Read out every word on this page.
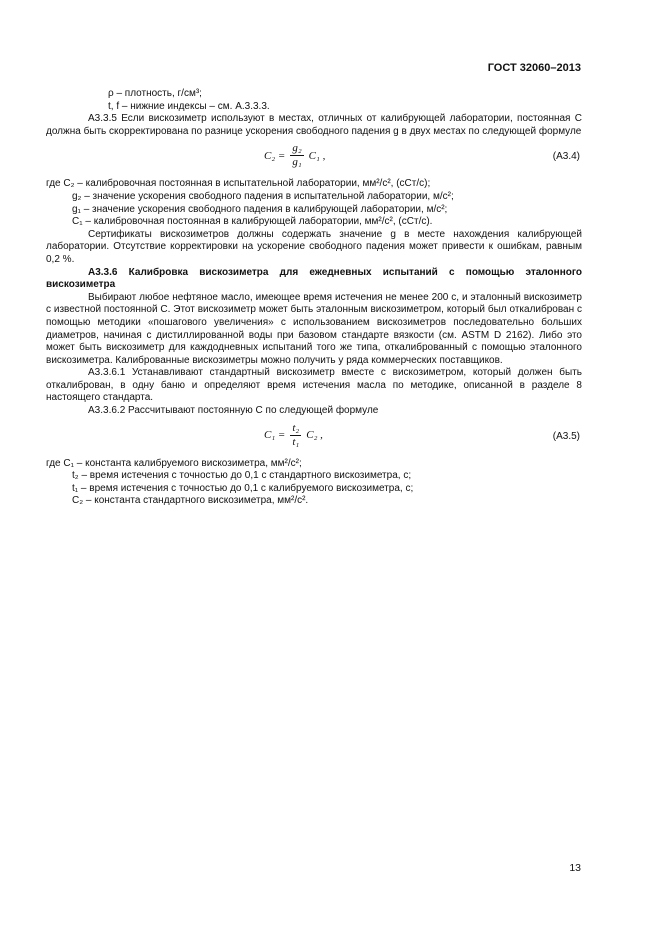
ГОСТ 32060–2013

ρ – плотность, г/см³;

t, f – нижние индексы – см. А.3.3.3.

А3.3.5 Если вискозиметр используют в местах, отличных от калибрующей лаборатории, постоянная C должна быть скорректирована по разнице ускорения свободного падения g в двух местах по следующей формуле

$C_2 = \frac{\text{g₂}}{\text{g₁}} C_1$ ,	(А3.4)

где C₂ – калибровочная постоянная в испытательной лаборатории, мм²/с², (сСт/с);

g₂ – значение ускорения свободного падения в испытательной лаборатории, м/с²;

g₁ – значение ускорения свободного падения в калибрующей лаборатории, м/с²;

C₁ – калибровочная постоянная в калибрующей лаборатории, мм²/с², (сСт/с).

Сертификаты вискозиметров должны содержать значение g в месте нахождения калибрующей лаборатории. Отсутствие корректировки на ускорение свободного падения может привести к ошибкам, равным 0,2 %.

А3.3.6 Калибровка вискозиметра для ежедневных испытаний с помощью эталонного вискозиметра

Выбирают любое нефтяное масло, имеющее время истечения не менее 200 с, и эталонный вискозиметр с известной постоянной C. Этот вискозиметр может быть эталонным вискозиметром, который был откалиброван с помощью методики «пошагового увеличения» с использованием вискозиметров последовательно больших диаметров, начиная с дистиллированной воды при базовом стандарте вязкости (см. ASTM D 2162). Либо это может быть вискозиметр для каждодневных испытаний того же типа, откалиброванный с помощью эталонного вискозиметра. Калиброванные вискозиметры можно получить у ряда коммерческих поставщиков.

А3.3.6.1 Устанавливают стандартный вискозиметр вместе с вискозиметром, который должен быть откалиброван, в одну баню и определяют время истечения масла по методике, описанной в разделе 8 настоящего стандарта.

А3.3.6.2 Рассчитывают постоянную C по следующей формуле

$C_1 = \frac{\text{t₂}}{\text{t₁}} C_2$ ,	(А3.5)

где C₁ – константа калибруемого вискозиметра, мм²/с²;

t₂ – время истечения с точностью до 0,1 с стандартного вискозиметра, с;

t₁ – время истечения с точностью до 0,1 с калибруемого вискозиметра, с;

C₂ – константа стандартного вискозиметра, мм²/с².

13
